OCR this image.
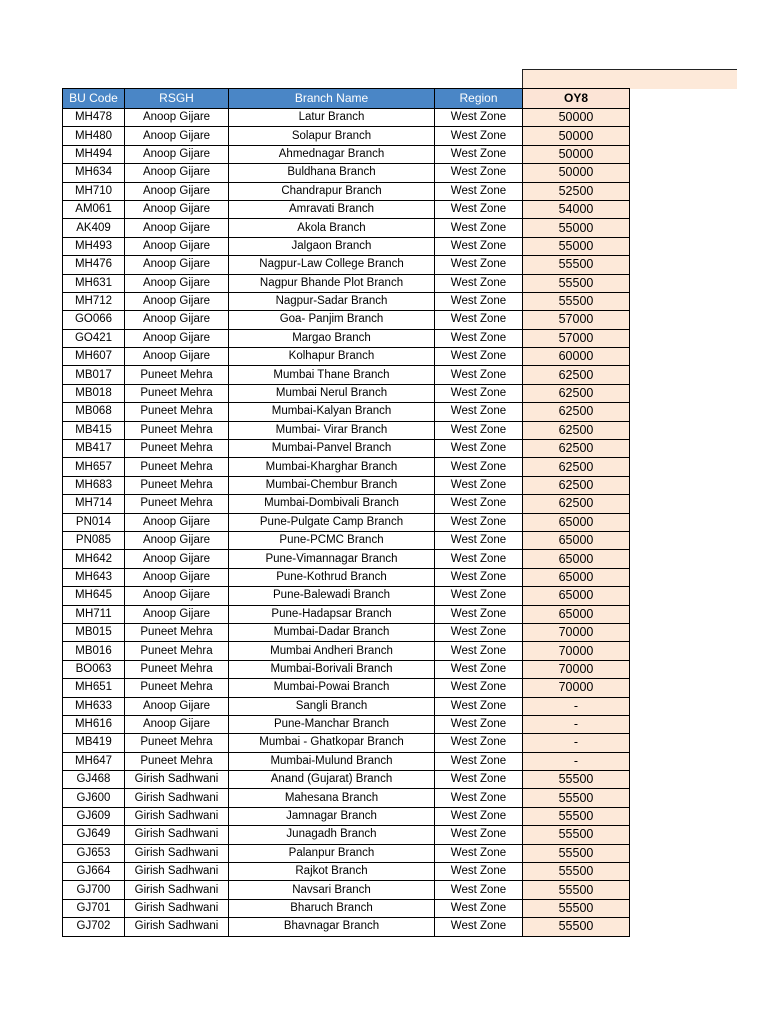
BU Code	RSGH	Branch Name	Region	OY8
MH478	Anoop Gijare	Latur Branch	West Zone	50000
MH480	Anoop Gijare	Solapur Branch	West Zone	50000
MH494	Anoop Gijare	Ahmednagar Branch	West Zone	50000
MH634	Anoop Gijare	Buldhana Branch	West Zone	50000
MH710	Anoop Gijare	Chandrapur Branch	West Zone	52500
AM061	Anoop Gijare	Amravati Branch	West Zone	54000
AK409	Anoop Gijare	Akola Branch	West Zone	55000
MH493	Anoop Gijare	Jalgaon Branch	West Zone	55000
MH476	Anoop Gijare	Nagpur-Law College Branch	West Zone	55500
MH631	Anoop Gijare	Nagpur Bhande Plot Branch	West Zone	55500
MH712	Anoop Gijare	Nagpur-Sadar Branch	West Zone	55500
GO066	Anoop Gijare	Goa- Panjim Branch	West Zone	57000
GO421	Anoop Gijare	Margao Branch	West Zone	57000
MH607	Anoop Gijare	Kolhapur Branch	West Zone	60000
MB017	Puneet Mehra	Mumbai Thane Branch	West Zone	62500
MB018	Puneet Mehra	Mumbai Nerul Branch	West Zone	62500
MB068	Puneet Mehra	Mumbai-Kalyan Branch	West Zone	62500
MB415	Puneet Mehra	Mumbai- Virar Branch	West Zone	62500
MB417	Puneet Mehra	Mumbai-Panvel Branch	West Zone	62500
MH657	Puneet Mehra	Mumbai-Kharghar Branch	West Zone	62500
MH683	Puneet Mehra	Mumbai-Chembur Branch	West Zone	62500
MH714	Puneet Mehra	Mumbai-Dombivali Branch	West Zone	62500
PN014	Anoop Gijare	Pune-Pulgate Camp Branch	West Zone	65000
PN085	Anoop Gijare	Pune-PCMC Branch	West Zone	65000
MH642	Anoop Gijare	Pune-Vimannagar Branch	West Zone	65000
MH643	Anoop Gijare	Pune-Kothrud Branch	West Zone	65000
MH645	Anoop Gijare	Pune-Balewadi Branch	West Zone	65000
MH711	Anoop Gijare	Pune-Hadapsar Branch	West Zone	65000
MB015	Puneet Mehra	Mumbai-Dadar Branch	West Zone	70000
MB016	Puneet Mehra	Mumbai Andheri Branch	West Zone	70000
BO063	Puneet Mehra	Mumbai-Borivali Branch	West Zone	70000
MH651	Puneet Mehra	Mumbai-Powai Branch	West Zone	70000
MH633	Anoop Gijare	Sangli Branch	West Zone	-
MH616	Anoop Gijare	Pune-Manchar Branch	West Zone	-
MB419	Puneet Mehra	Mumbai - Ghatkopar Branch	West Zone	-
MH647	Puneet Mehra	Mumbai-Mulund Branch	West Zone	-
GJ468	Girish Sadhwani	Anand (Gujarat) Branch	West Zone	55500
GJ600	Girish Sadhwani	Mahesana Branch	West Zone	55500
GJ609	Girish Sadhwani	Jamnagar Branch	West Zone	55500
GJ649	Girish Sadhwani	Junagadh Branch	West Zone	55500
GJ653	Girish Sadhwani	Palanpur Branch	West Zone	55500
GJ664	Girish Sadhwani	Rajkot Branch	West Zone	55500
GJ700	Girish Sadhwani	Navsari Branch	West Zone	55500
GJ701	Girish Sadhwani	Bharuch Branch	West Zone	55500
GJ702	Girish Sadhwani	Bhavnagar Branch	West Zone	55500
